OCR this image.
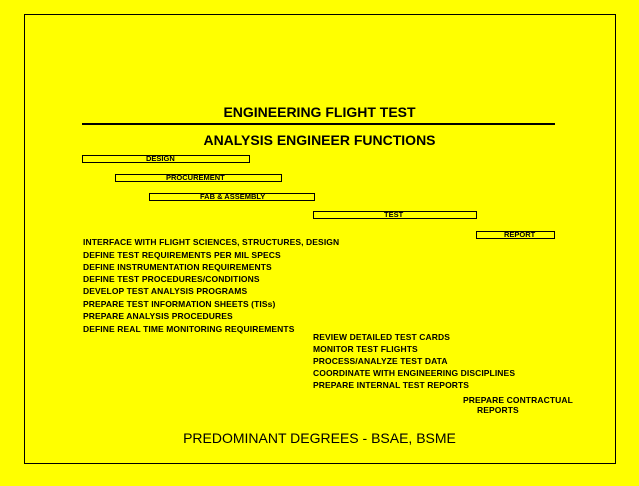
ENGINEERING FLIGHT TEST
ANALYSIS ENGINEER FUNCTIONS
DESIGN
PROCUREMENT
FAB & ASSEMBLY
TEST
REPORT
INTERFACE WITH FLIGHT SCIENCES, STRUCTURES, DESIGN
DEFINE TEST REQUIREMENTS PER MIL SPECS
DEFINE INSTRUMENTATION REQUIREMENTS
DEFINE TEST PROCEDURES/CONDITIONS
DEVELOP TEST ANALYSIS PROGRAMS
PREPARE TEST INFORMATION SHEETS (TISs)
PREPARE ANALYSIS PROCEDURES
DEFINE REAL TIME MONITORING REQUIREMENTS
REVIEW DETAILED TEST CARDS
MONITOR TEST FLIGHTS
PROCESS/ANALYZE TEST DATA
COORDINATE WITH ENGINEERING DISCIPLINES
PREPARE INTERNAL TEST REPORTS
PREPARE CONTRACTUAL
REPORTS
PREDOMINANT DEGREES - BSAE, BSME
